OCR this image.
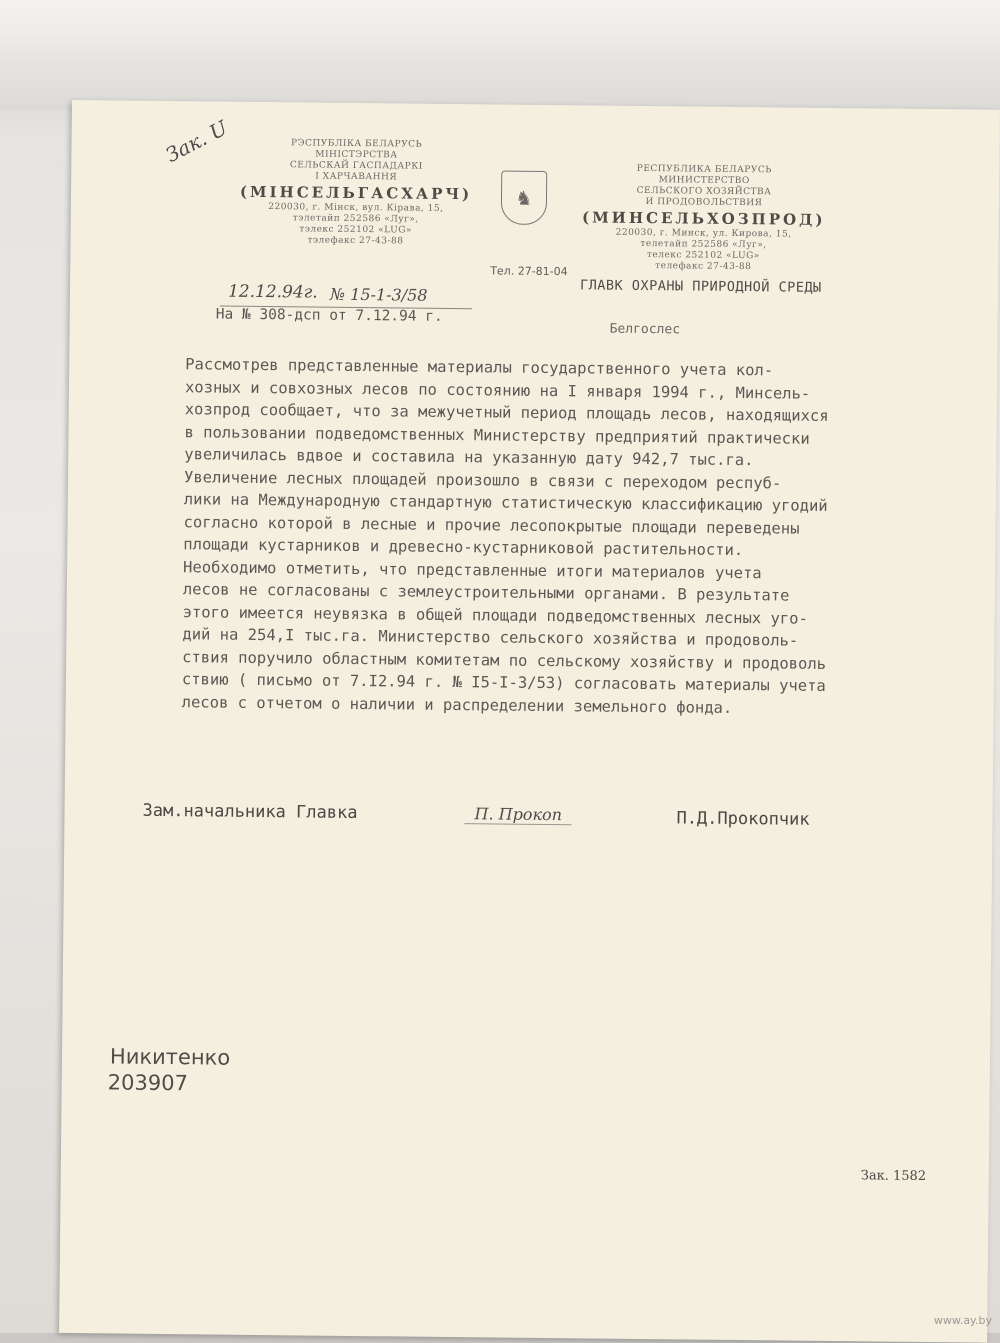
Зак. U	РЭСПУБЛІКА БЕЛАРУСЬ
МІНІСТЭРСТВА
СЕЛЬСКАЙ ГАСПАДАРКІ
І ХАРЧАВАННЯ
(МІНСЕЛЬГАСХАРЧ)
220030, г. Мінск, вул. Кірава, 15,
тэлетайп 252586 «Луг»,
тэлекс 252102 «LUG»
тэлефакс 27-43-88
♞
РЕСПУБЛИКА БЕЛАРУСЬ
МИНИСТЕРСТВО
СЕЛЬСКОГО ХОЗЯЙСТВА
И ПРОДОВОЛЬСТВИЯ
(МИНСЕЛЬХОЗПРОД)
220030, г. Минск, ул. Кирова, 15,
телетайп 252586 «Луг»,
телекс 252102 «LUG»
телефакс 27-43-88
Тел. 27-81-04
ГЛАВК ОХРАНЫ ПРИРОДНОЙ СРЕДЫ
Белгослес
12.12.94г. № 15-1-3/58
На № 308-дсп от 7.12.94 г.
Рассмотрев представленные материалы государственного учета кол-
хозных и совхозных лесов по состоянию на I января 1994 г., Минсель-
хозпрод сообщает, что за межучетный период площадь лесов, находящихся
в пользовании подведомственных Министерству предприятий практически
увеличилась вдвое и составила на указанную дату 942,7 тыс.га.
Увеличение лесных площадей произошло в связи с переходом респуб-
лики на Международную стандартную статистическую классификацию угодий
согласно которой в лесные и прочие лесопокрытые площади переведены
площади кустарников и древесно-кустарниковой растительности.
Необходимо отметить, что представленные итоги материалов учета
лесов не согласованы с землеустроительными органами. В результате
этого имеется неувязка в общей площади подведомственных лесных уго-
дий на 254,I тыс.га. Министерство сельского хозяйства и продоволь-
ствия поручило областным комитетам по сельскому хозяйству и продоволь
ствию ( письмо от 7.I2.94 г. № I5-I-3/53) согласовать материалы учета
лесов с отчетом о наличии и распределении земельного фонда.
Зам.начальника Главка	П. Прокоп	П.Д.Прокопчик
Никитенко
203907
Зак. 1582
www.ay.by
